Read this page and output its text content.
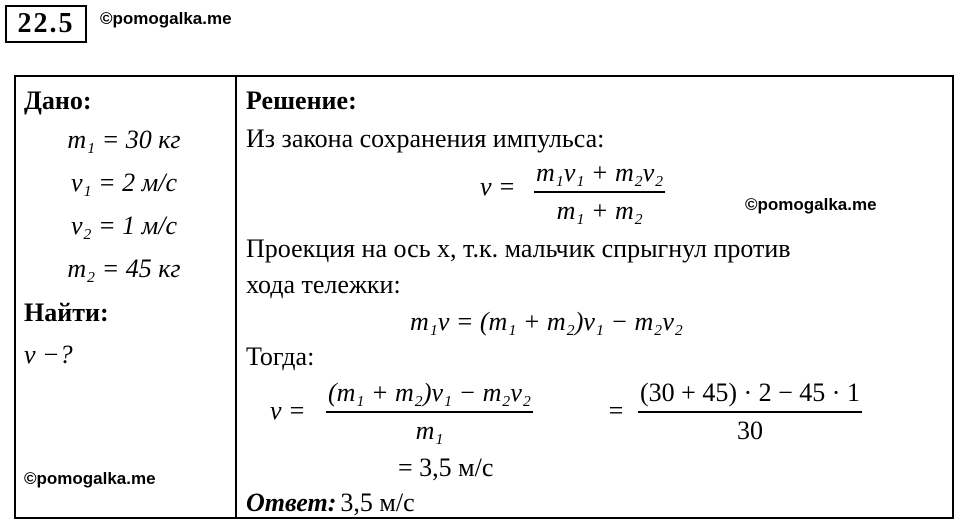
22.5	©pomogalka.me
Дано:
m₁ = 30 кг
v₁ = 2 м/с
v₂ = 1 м/с
m₂ = 45 кг
Найти:
v −?
©pomogalka.me
Решение:
Из закона сохранения импульса:
v = m₁v₁ + m₂v₂
m₁ + m₂	©pomogalka.me
Проекция на ось x, т.к. мальчик спрыгнул против
хода тележки:
m₁v = (m₁ + m₂)v₁ − m₂v₂
Тогда:
v =
(m₁ + m₂)v₁ − m₂v₂
m₁
=
(30 + 45) · 2 − 45 · 1
30
= 3,5 м/с
Ответ: 3,5 м/с
